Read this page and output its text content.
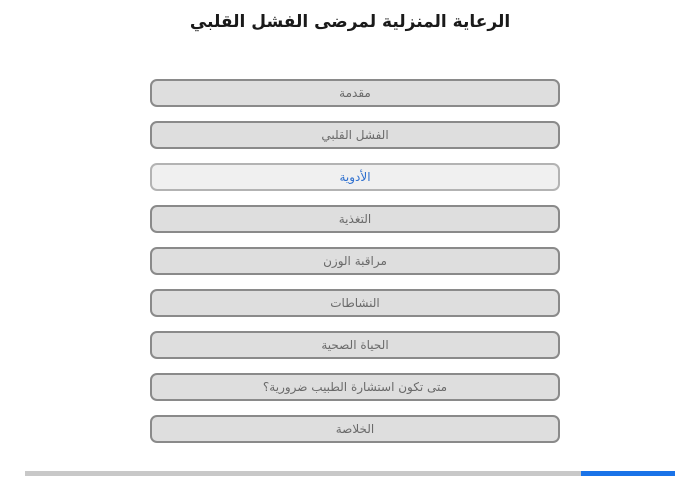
الرعاية المنزلية لمرضى الفشل القلبي
مقدمة
الفشل القلبي
الأدوية
التغذية
مراقبة الوزن
النشاطات
الحياة الصحية
متى تكون استشارة الطبيب ضرورية؟
الخلاصة
